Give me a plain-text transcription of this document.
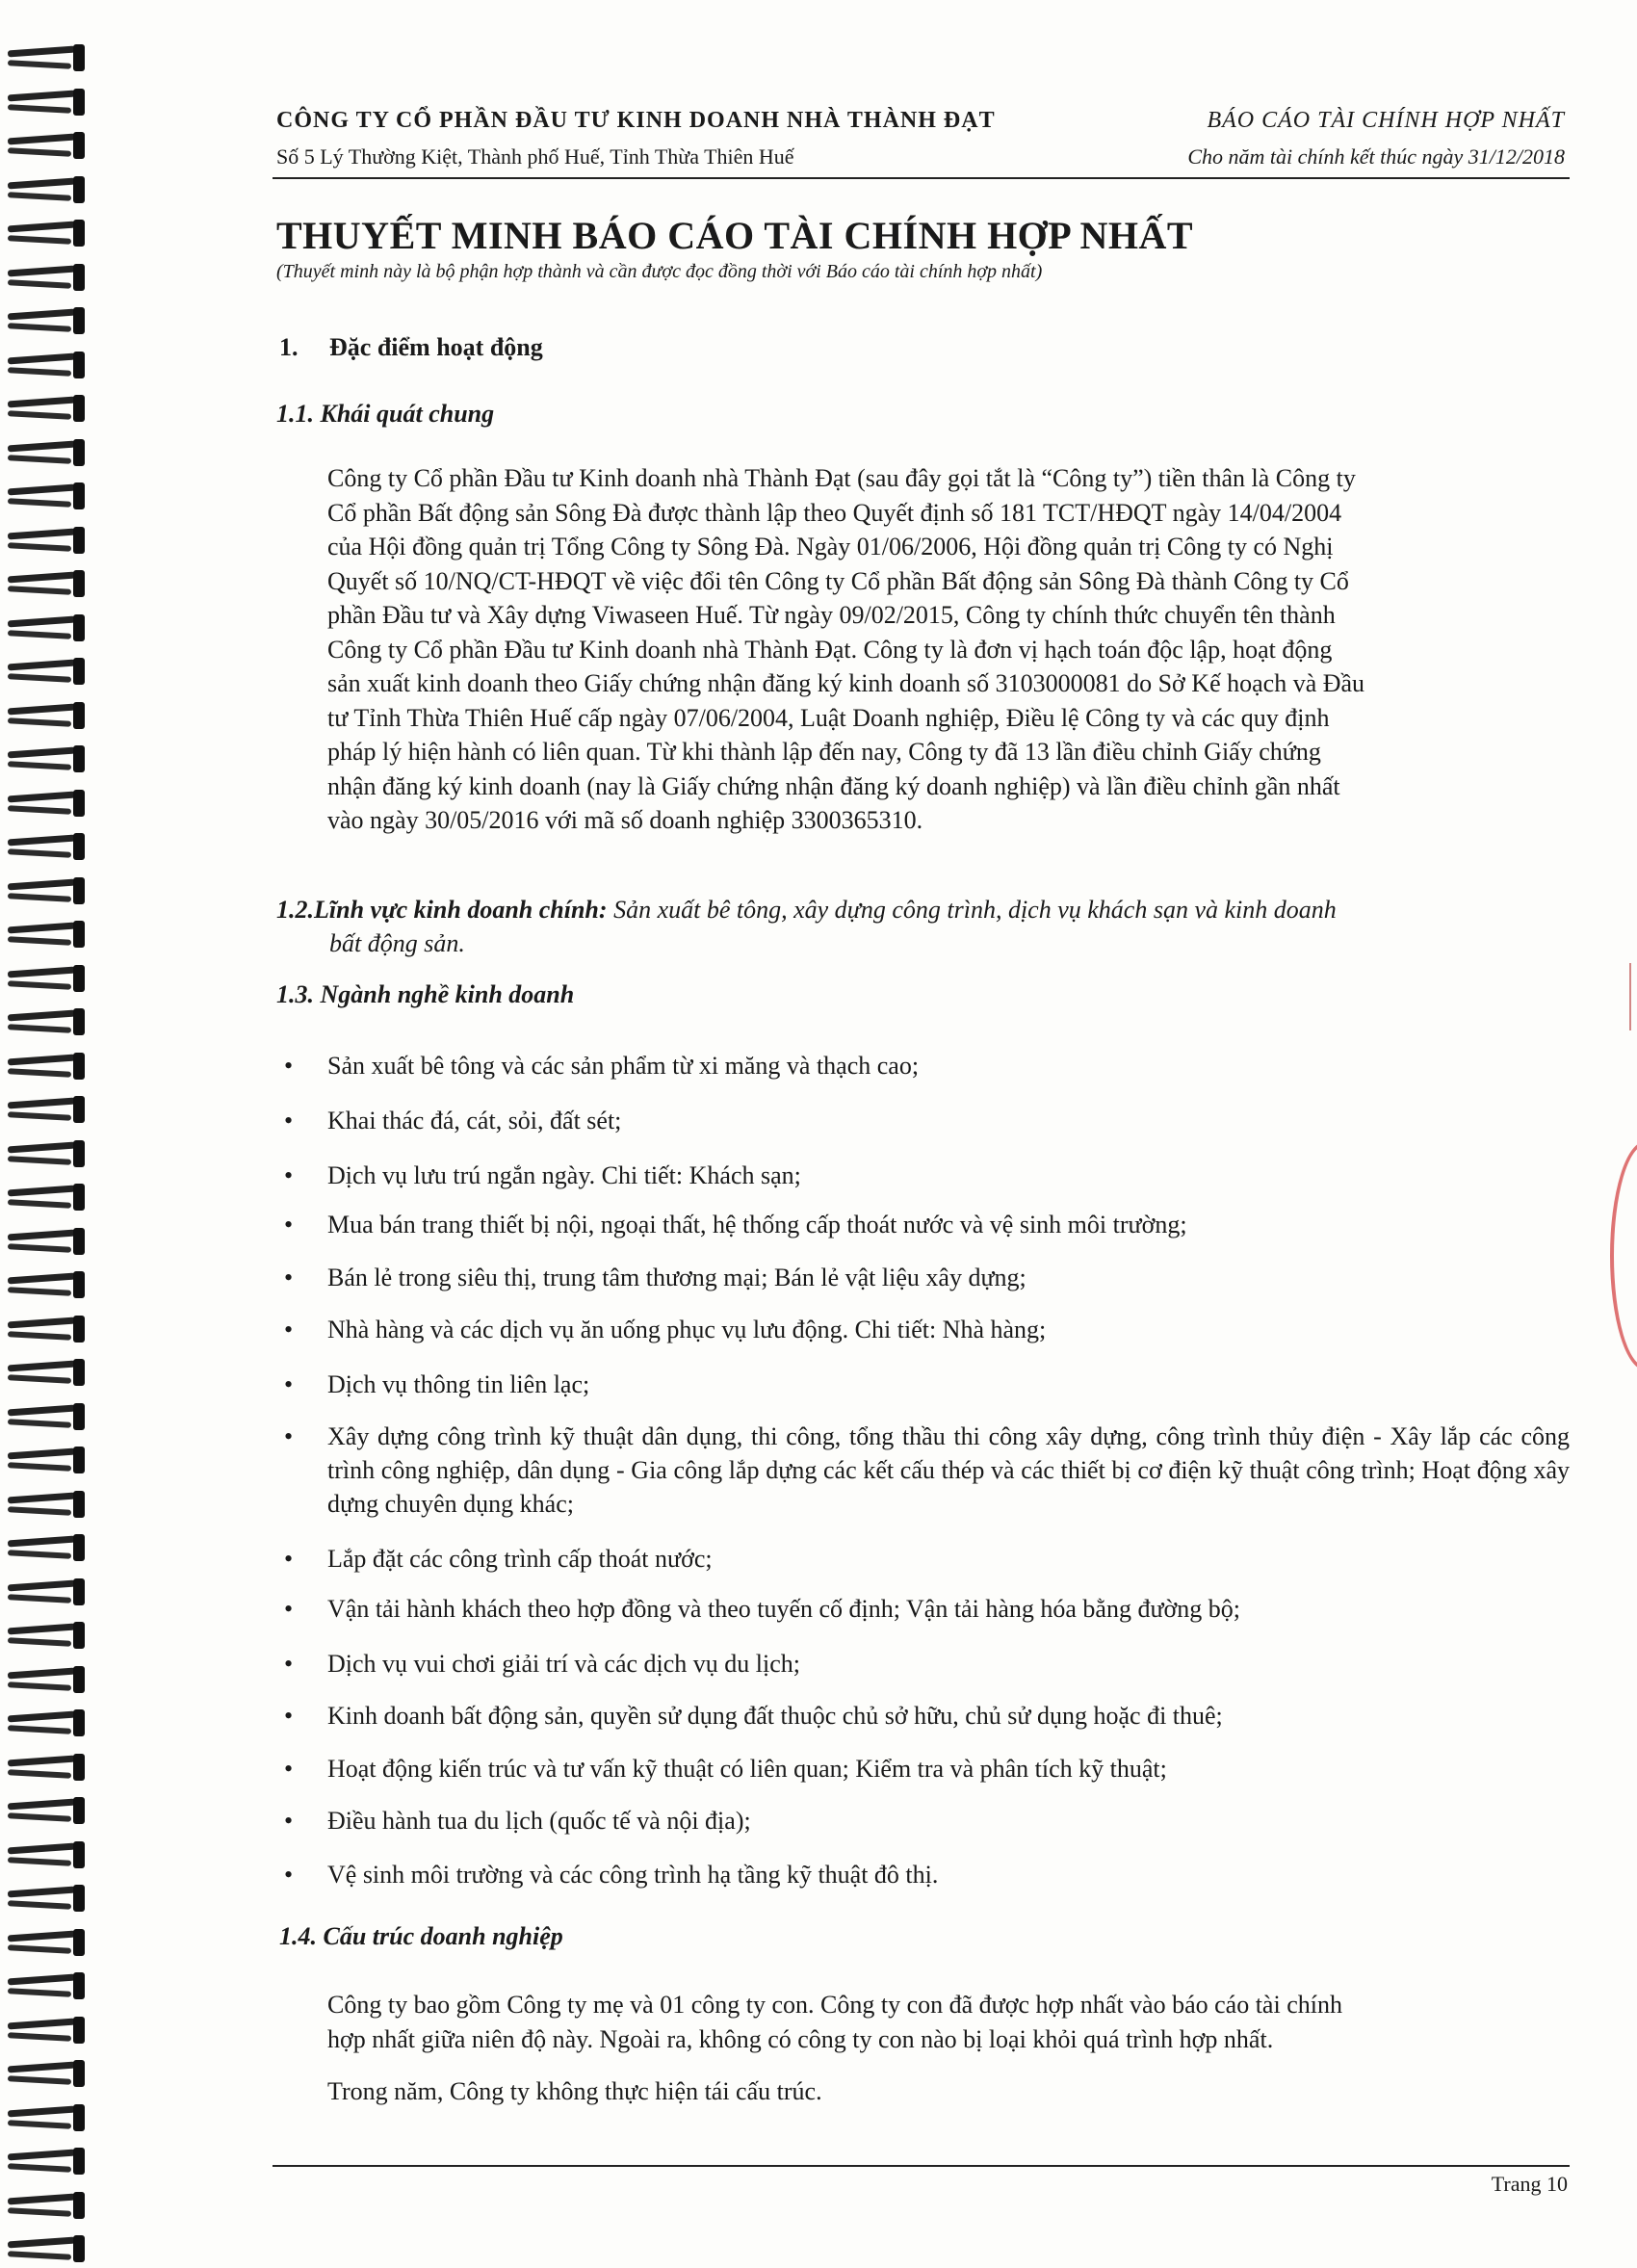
CÔNG TY CỔ PHẦN ĐẦU TƯ KINH DOANH NHÀ THÀNH ĐẠT
Số 5 Lý Thường Kiệt, Thành phố Huế, Tỉnh Thừa Thiên Huế
BÁO CÁO TÀI CHÍNH HỢP NHẤT
Cho năm tài chính kết thúc ngày 31/12/2018
THUYẾT MINH BÁO CÁO TÀI CHÍNH HỢP NHẤT
(Thuyết minh này là bộ phận hợp thành và cần được đọc đồng thời với Báo cáo tài chính hợp nhất)
1. Đặc điểm hoạt động
1.1. Khái quát chung
Công ty Cổ phần Đầu tư Kinh doanh nhà Thành Đạt (sau đây gọi tắt là “Công ty”) tiền thân là Công ty
Cổ phần Bất động sản Sông Đà được thành lập theo Quyết định số 181 TCT/HĐQT ngày 14/04/2004
của Hội đồng quản trị Tổng Công ty Sông Đà. Ngày 01/06/2006, Hội đồng quản trị Công ty có Nghị
Quyết số 10/NQ/CT-HĐQT về việc đổi tên Công ty Cổ phần Bất động sản Sông Đà thành Công ty Cổ
phần Đầu tư và Xây dựng Viwaseen Huế. Từ ngày 09/02/2015, Công ty chính thức chuyển tên thành
Công ty Cổ phần Đầu tư Kinh doanh nhà Thành Đạt. Công ty là đơn vị hạch toán độc lập, hoạt động
sản xuất kinh doanh theo Giấy chứng nhận đăng ký kinh doanh số 3103000081 do Sở Kế hoạch và Đầu
tư Tỉnh Thừa Thiên Huế cấp ngày 07/06/2004, Luật Doanh nghiệp, Điều lệ Công ty và các quy định
pháp lý hiện hành có liên quan. Từ khi thành lập đến nay, Công ty đã 13 lần điều chỉnh Giấy chứng
nhận đăng ký kinh doanh (nay là Giấy chứng nhận đăng ký doanh nghiệp) và lần điều chỉnh gần nhất
vào ngày 30/05/2016 với mã số doanh nghiệp 3300365310.
1.2.Lĩnh vực kinh doanh chính: Sản xuất bê tông, xây dựng công trình, dịch vụ khách sạn và kinh doanh
bất động sản.
1.3. Ngành nghề kinh doanh
• Sản xuất bê tông và các sản phẩm từ xi măng và thạch cao;
• Khai thác đá, cát, sỏi, đất sét;
• Dịch vụ lưu trú ngắn ngày. Chi tiết: Khách sạn;
• Mua bán trang thiết bị nội, ngoại thất, hệ thống cấp thoát nước và vệ sinh môi trường;
• Bán lẻ trong siêu thị, trung tâm thương mại; Bán lẻ vật liệu xây dựng;
• Nhà hàng và các dịch vụ ăn uống phục vụ lưu động. Chi tiết: Nhà hàng;
• Dịch vụ thông tin liên lạc;
• Xây dựng công trình kỹ thuật dân dụng, thi công, tổng thầu thi công xây dựng, công trình thủy điện - Xây lắp các công trình công nghiệp, dân dụng - Gia công lắp dựng các kết cấu thép và các thiết bị cơ điện kỹ thuật công trình; Hoạt động xây dựng chuyên dụng khác;
• Lắp đặt các công trình cấp thoát nước;
• Vận tải hành khách theo hợp đồng và theo tuyến cố định; Vận tải hàng hóa bằng đường bộ;
• Dịch vụ vui chơi giải trí và các dịch vụ du lịch;
• Kinh doanh bất động sản, quyền sử dụng đất thuộc chủ sở hữu, chủ sử dụng hoặc đi thuê;
• Hoạt động kiến trúc và tư vấn kỹ thuật có liên quan; Kiểm tra và phân tích kỹ thuật;
• Điều hành tua du lịch (quốc tế và nội địa);
• Vệ sinh môi trường và các công trình hạ tầng kỹ thuật đô thị.
1.4. Cấu trúc doanh nghiệp
Công ty bao gồm Công ty mẹ và 01 công ty con. Công ty con đã được hợp nhất vào báo cáo tài chính
hợp nhất giữa niên độ này. Ngoài ra, không có công ty con nào bị loại khỏi quá trình hợp nhất.
Trong năm, Công ty không thực hiện tái cấu trúc.
Trang 10
